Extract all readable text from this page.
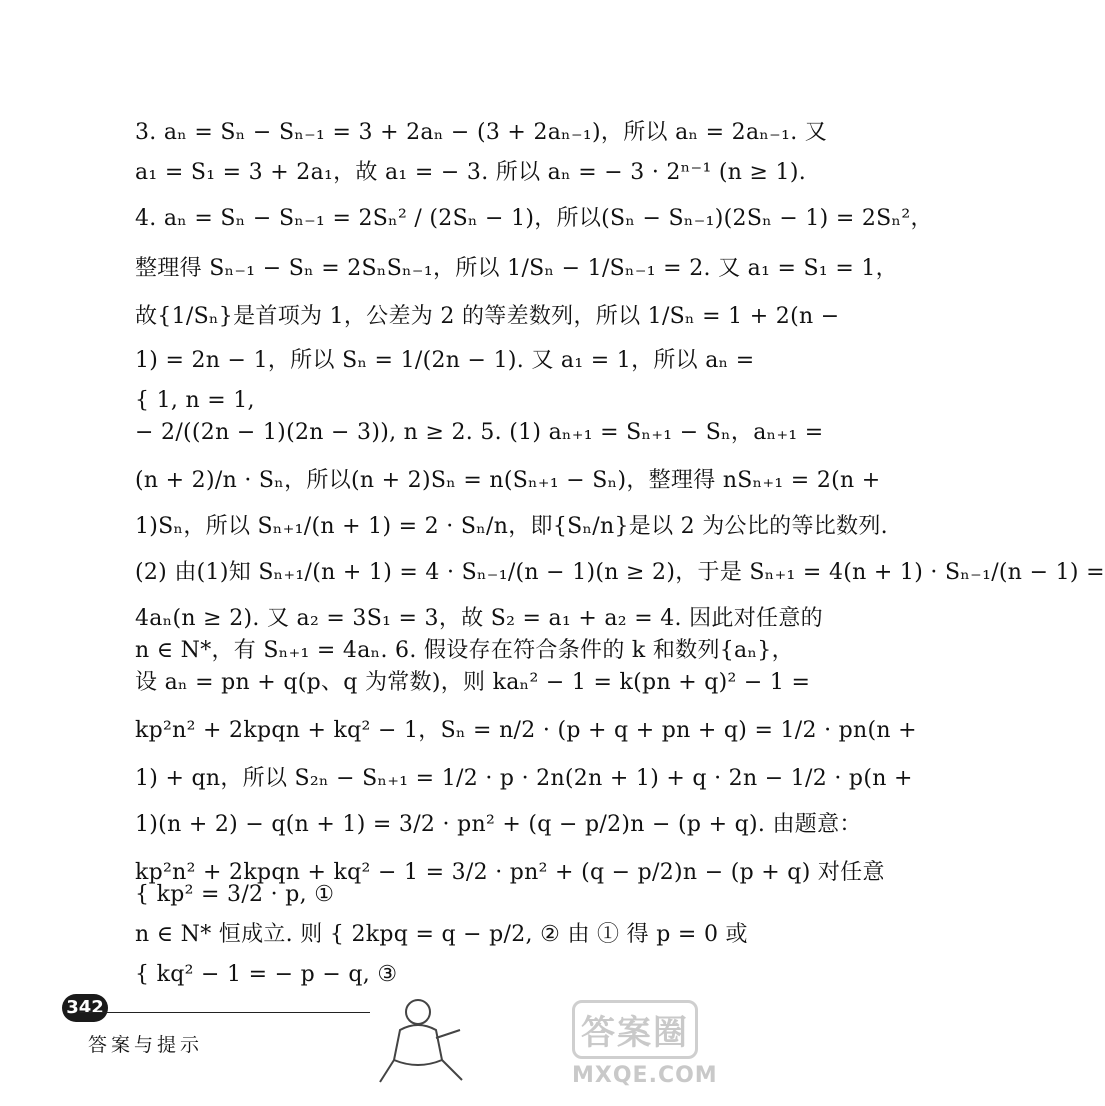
3. aₙ = Sₙ − Sₙ₋₁ = 3 + 2aₙ − (3 + 2aₙ₋₁)，所以 aₙ = 2aₙ₋₁. 又
a₁ = S₁ = 3 + 2a₁，故 a₁ = − 3. 所以 aₙ = − 3 · 2ⁿ⁻¹ (n ≥ 1).
4. aₙ = Sₙ − Sₙ₋₁ = 2Sₙ² / (2Sₙ − 1)，所以(Sₙ − Sₙ₋₁)(2Sₙ − 1) = 2Sₙ²，
整理得 Sₙ₋₁ − Sₙ = 2SₙSₙ₋₁，所以 1/Sₙ − 1/Sₙ₋₁ = 2. 又 a₁ = S₁ = 1，
故{1/Sₙ}是首项为 1，公差为 2 的等差数列，所以 1/Sₙ = 1 + 2(n −
1) = 2n − 1，所以 Sₙ = 1/(2n − 1). 又 a₁ = 1，所以 aₙ =
{ 1, n = 1,
− 2/((2n − 1)(2n − 3)), n ≥ 2. 5. (1) aₙ₊₁ = Sₙ₊₁ − Sₙ，aₙ₊₁ =
(n + 2)/n · Sₙ，所以(n + 2)Sₙ = n(Sₙ₊₁ − Sₙ)，整理得 nSₙ₊₁ = 2(n +
1)Sₙ，所以 Sₙ₊₁/(n + 1) = 2 · Sₙ/n，即{Sₙ/n}是以 2 为公比的等比数列.
(2) 由(1)知 Sₙ₊₁/(n + 1) = 4 · Sₙ₋₁/(n − 1)(n ≥ 2)，于是 Sₙ₊₁ = 4(n + 1) · Sₙ₋₁/(n − 1) =
4aₙ(n ≥ 2). 又 a₂ = 3S₁ = 3，故 S₂ = a₁ + a₂ = 4. 因此对任意的
n ∈ N*，有 Sₙ₊₁ = 4aₙ. 6. 假设存在符合条件的 k 和数列{aₙ}，
设 aₙ = pn + q(p、q 为常数)，则 kaₙ² − 1 = k(pn + q)² − 1 =
kp²n² + 2kpqn + kq² − 1，Sₙ = n/2 · (p + q + pn + q) = 1/2 · pn(n +
1) + qn，所以 S₂ₙ − Sₙ₊₁ = 1/2 · p · 2n(2n + 1) + q · 2n − 1/2 · p(n +
1)(n + 2) − q(n + 1) = 3/2 · pn² + (q − p/2)n − (p + q). 由题意：
kp²n² + 2kpqn + kq² − 1 = 3/2 · pn² + (q − p/2)n − (p + q) 对任意
{ kp² = 3/2 · p, ①
n ∈ N* 恒成立. 则 { 2kpq = q − p/2, ② 由 ① 得 p = 0 或
{ kq² − 1 = − p − q, ③
342
答案与提示	答案圈
MXQE.COM
